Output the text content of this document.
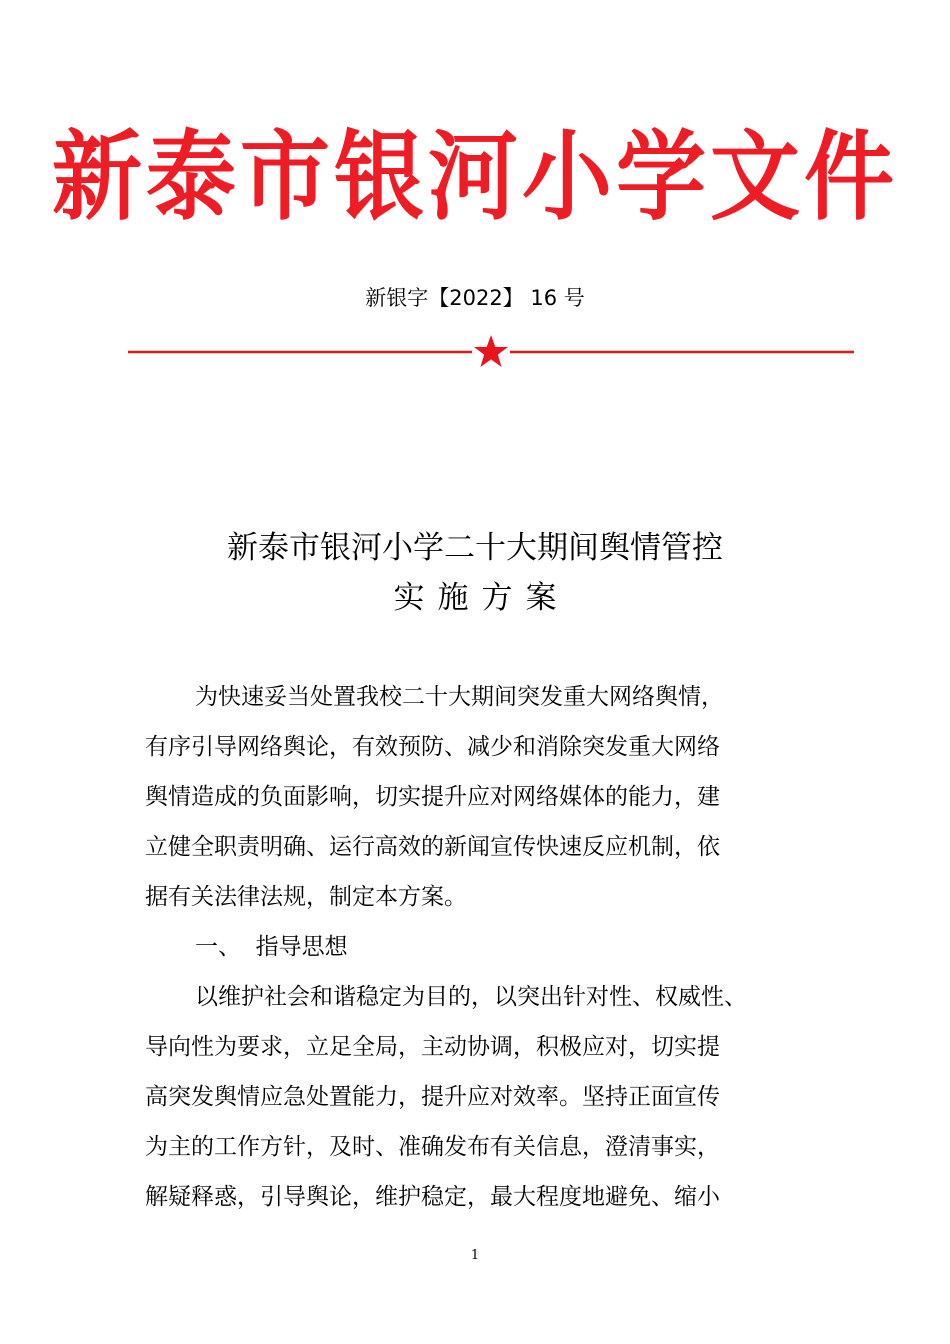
新泰市银河小学文件
新银字【2022】 16 号
新泰市银河小学二十大期间舆情管控
实施方案
为快速妥当处置我校二十大期间突发重大网络舆情，
有序引导网络舆论，有效预防、减少和消除突发重大网络
舆情造成的负面影响，切实提升应对网络媒体的能力，建
立健全职责明确、运行高效的新闻宣传快速反应机制，依
据有关法律法规，制定本方案。
一、  指导思想
以维护社会和谐稳定为目的，以突出针对性、权威性、
导向性为要求，立足全局，主动协调，积极应对，切实提
高突发舆情应急处置能力，提升应对效率。坚持正面宣传
为主的工作方针，及时、准确发布有关信息，澄清事实，
解疑释惑，引导舆论，维护稳定，最大程度地避免、缩小
1
